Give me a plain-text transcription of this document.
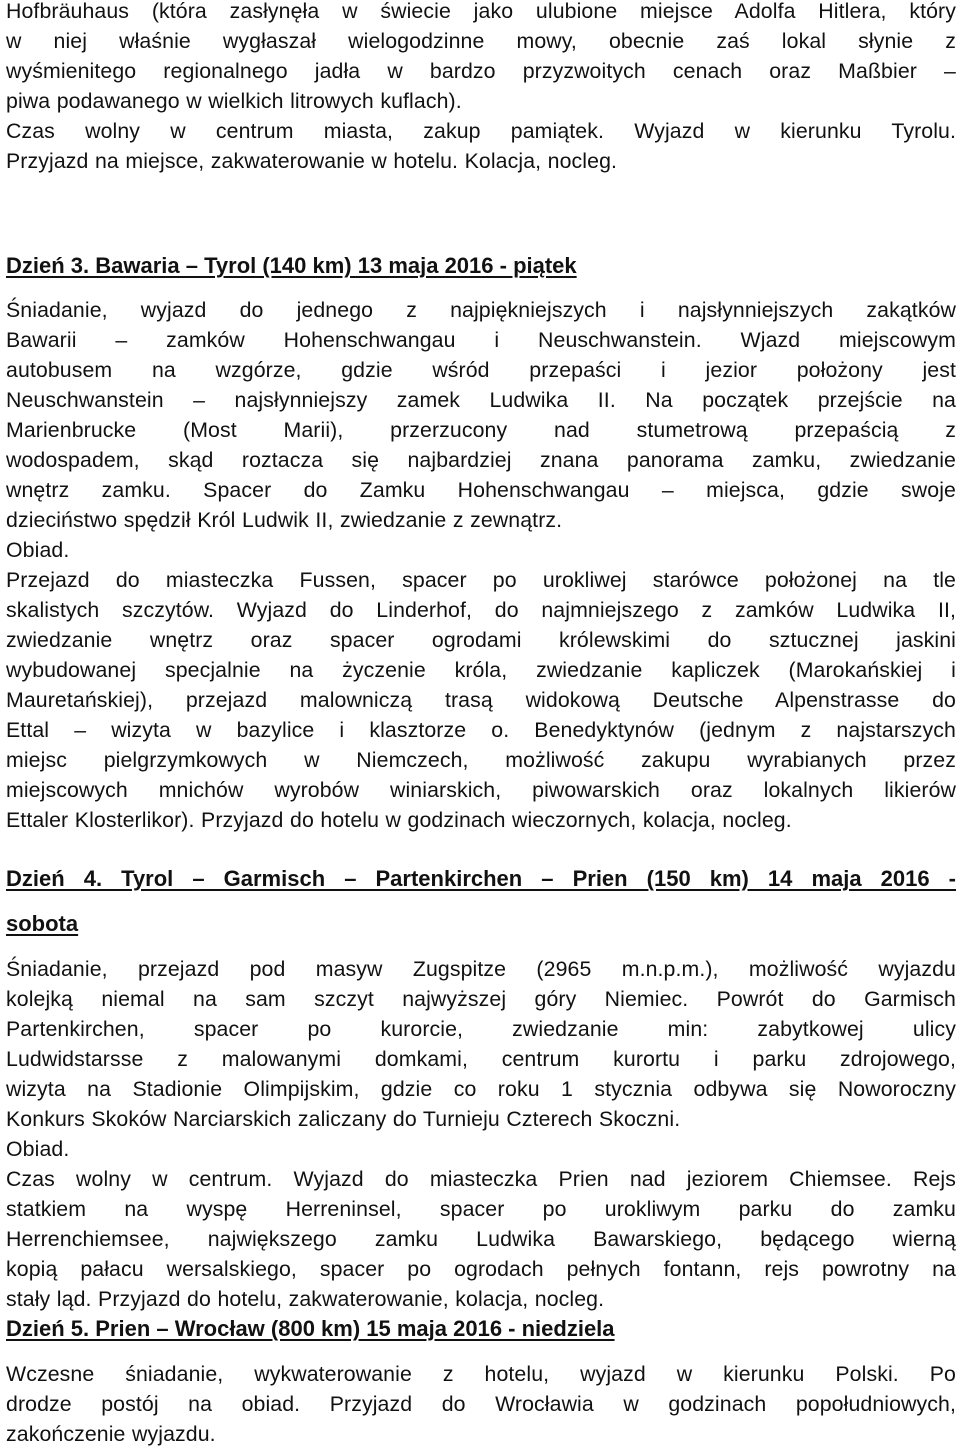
Hofbräuhaus (która zasłynęła w świecie jako ulubione miejsce Adolfa Hitlera, który
w niej właśnie wygłaszał wielogodzinne mowy, obecnie zaś lokal słynie z
wyśmienitego regionalnego jadła w bardzo przyzwoitych cenach oraz Maßbier –
piwa podawanego w wielkich litrowych kuflach).
Czas wolny w centrum miasta, zakup pamiątek. Wyjazd w kierunku Tyrolu.
Przyjazd na miejsce, zakwaterowanie w hotelu. Kolacja, nocleg.
Dzień 3. Bawaria – Tyrol (140 km) 13 maja 2016 - piątek
Śniadanie, wyjazd do jednego z najpiękniejszych i najsłynniejszych zakątków
Bawarii – zamków Hohenschwangau i Neuschwanstein. Wjazd miejscowym
autobusem na wzgórze, gdzie wśród przepaści i jezior położony jest
Neuschwanstein – najsłynniejszy zamek Ludwika II. Na początek przejście na
Marienbrucke (Most Marii), przerzucony nad stumetrową przepaścią z
wodospadem, skąd roztacza się najbardziej znana panorama zamku, zwiedzanie
wnętrz zamku. Spacer do Zamku Hohenschwangau – miejsca, gdzie swoje
dzieciństwo spędził Król Ludwik II, zwiedzanie z zewnątrz.
Obiad.
Przejazd do miasteczka Fussen, spacer po urokliwej starówce położonej na tle
skalistych szczytów. Wyjazd do Linderhof, do najmniejszego z zamków Ludwika II,
zwiedzanie wnętrz oraz spacer ogrodami królewskimi do sztucznej jaskini
wybudowanej specjalnie na życzenie króla, zwiedzanie kapliczek (Marokańskiej i
Mauretańskiej), przejazd malowniczą trasą widokową Deutsche Alpenstrasse do
Ettal – wizyta w bazylice i klasztorze o. Benedyktynów (jednym z najstarszych
miejsc pielgrzymkowych w Niemczech, możliwość zakupu wyrabianych przez
miejscowych mnichów wyrobów winiarskich, piwowarskich oraz lokalnych likierów
Ettaler Klosterlikor). Przyjazd do hotelu w godzinach wieczornych, kolacja, nocleg.
Dzień 4. Tyrol – Garmisch – Partenkirchen – Prien (150 km) 14 maja 2016 -
sobota
Śniadanie, przejazd pod masyw Zugspitze (2965 m.n.p.m.), możliwość wyjazdu
kolejką niemal na sam szczyt najwyższej góry Niemiec. Powrót do Garmisch
Partenkirchen, spacer po kurorcie, zwiedzanie min: zabytkowej ulicy
Ludwidstarsse z malowanymi domkami, centrum kurortu i parku zdrojowego,
wizyta na Stadionie Olimpijskim, gdzie co roku 1 stycznia odbywa się Noworoczny
Konkurs Skoków Narciarskich zaliczany do Turnieju Czterech Skoczni.
Obiad.
Czas wolny w centrum. Wyjazd do miasteczka Prien nad jeziorem Chiemsee. Rejs
statkiem na wyspę Herreninsel, spacer po urokliwym parku do zamku
Herrenchiemsee, największego zamku Ludwika Bawarskiego, będącego wierną
kopią pałacu wersalskiego, spacer po ogrodach pełnych fontann, rejs powrotny na
stały ląd. Przyjazd do hotelu, zakwaterowanie, kolacja, nocleg.
Dzień 5. Prien – Wrocław (800 km) 15 maja 2016 - niedziela
Wczesne śniadanie, wykwaterowanie z hotelu, wyjazd w kierunku Polski. Po
drodze postój na obiad. Przyjazd do Wrocławia w godzinach popołudniowych,
zakończenie wyjazdu.
